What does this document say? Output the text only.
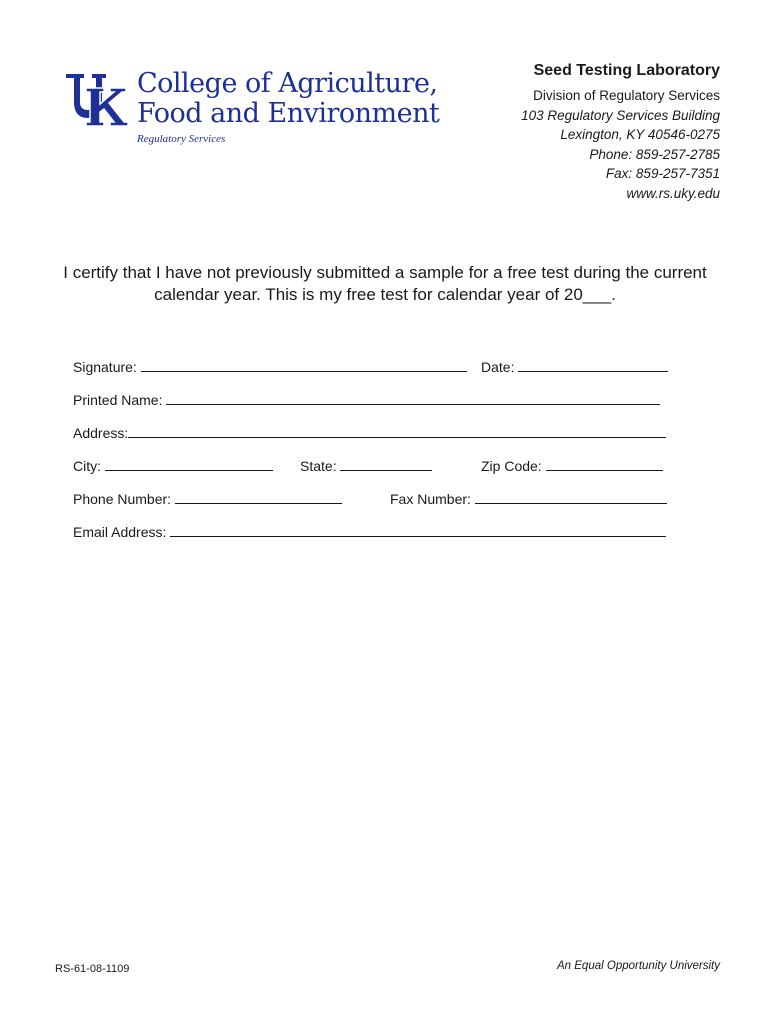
College of Agriculture,
Food and Environment
Regulatory Services
Seed Testing Laboratory
Division of Regulatory Services
103 Regulatory Services Building
Lexington, KY 40546-0275
Phone: 859-257-2785
Fax: 859-257-7351
www.rs.uky.edu
I certify that I have not previously submitted a sample for a free test during the current
calendar year. This is my free test for calendar year of 20___.
Signature:	Date:
Printed Name:
Address:
City:	State:	Zip Code:
Phone Number:	Fax Number:
Email Address:
RS-61-08-1109	An Equal Opportunity University
